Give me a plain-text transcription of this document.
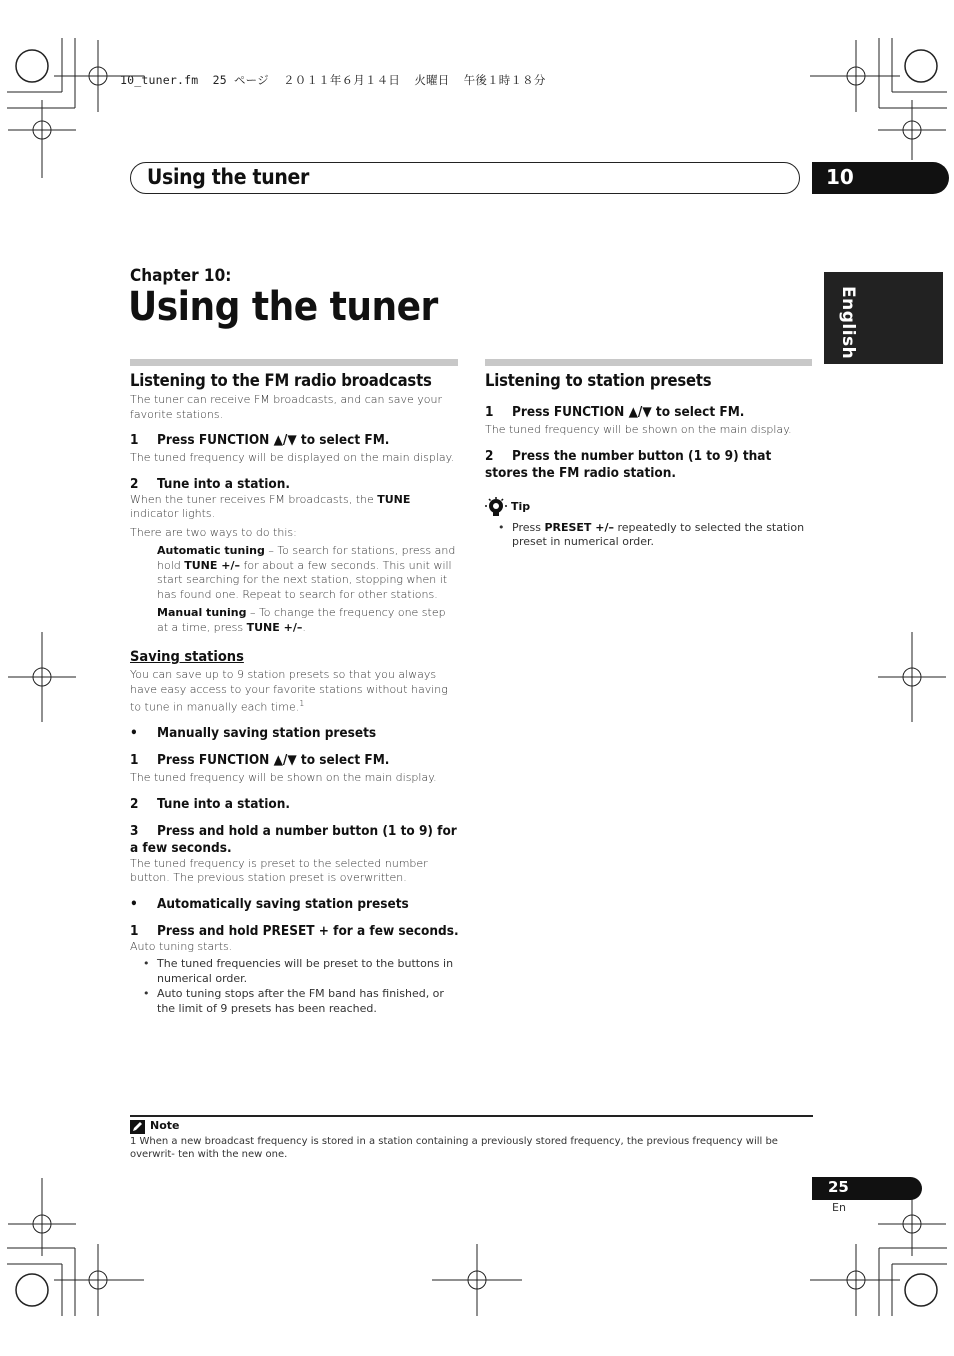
10_tuner.fm  25 ページ  ２０１１年６月１４日  火曜日  午後１時１８分
Using the tuner	10
English
Chapter 10:
Using the tuner
Listening to the FM radio broadcasts
The tuner can receive FM broadcasts, and can save your favorite stations.
1 Press FUNCTION ▲/▼ to select FM.
The tuned frequency will be displayed on the main display.
2 Tune into a station.
When the tuner receives FM broadcasts, the TUNE indicator lights.
There are two ways to do this:
Automatic tuning – To search for stations, press and hold TUNE +/– for about a few seconds. This unit will start searching for the next station, stopping when it has found one. Repeat to search for other stations.
Manual tuning – To change the frequency one step at a time, press TUNE +/–.
Saving stations
You can save up to 9 station presets so that you always have easy access to your favorite stations without having to tune in manually each time.$^1$
• Manually saving station presets
1 Press FUNCTION ▲/▼ to select FM.
The tuned frequency will be shown on the main display.
2 Tune into a station.
3 Press and hold a number button (1 to 9) for a few seconds.
The tuned frequency is preset to the selected number button. The previous station preset is overwritten.
• Automatically saving station presets
1 Press and hold PRESET + for a few seconds.
Auto tuning starts.
• The tuned frequencies will be preset to the buttons in numerical order.
• Auto tuning stops after the FM band has finished, or the limit of 9 presets has been reached.
Listening to station presets
1 Press FUNCTION ▲/▼ to select FM.
The tuned frequency will be shown on the main display.
2 Press the number button (1 to 9) that stores the FM radio station.
Tip
• Press PRESET +/– repeatedly to selected the station preset in numerical order.
Note
1 When a new broadcast frequency is stored in a station containing a previously stored frequency, the previous frequency will be overwrit- ten with the new one.
25
En
